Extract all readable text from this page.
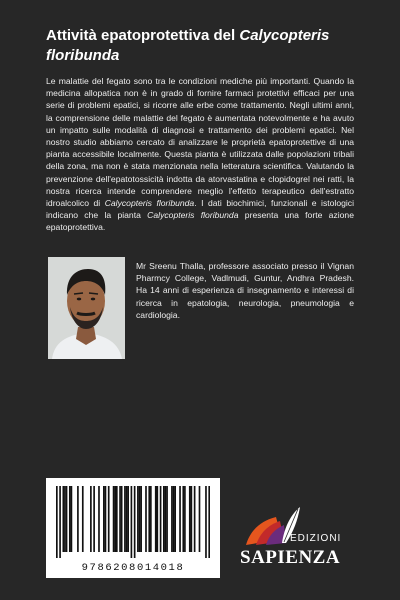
Attività epatoprotettiva del Calycopteris floribunda

Le malattie del fegato sono tra le condizioni mediche più importanti. Quando la medicina allopatica non è in grado di fornire farmaci protettivi efficaci per una serie di problemi epatici, si ricorre alle erbe come trattamento. Negli ultimi anni, la comprensione delle malattie del fegato è aumentata notevolmente e ha avuto un impatto sulle modalità di diagnosi e trattamento dei problemi epatici. Nel nostro studio abbiamo cercato di analizzare le proprietà epatoprotettive di una pianta accessibile localmente. Questa pianta è utilizzata dalle popolazioni tribali della zona, ma non è stata menzionata nella letteratura scientifica. Valutando la prevenzione dell'epatotossicità indotta da atorvastatina e clopidogrel nei ratti, la nostra ricerca intende comprendere meglio l'effetto terapeutico dell'estratto idroalcolico di Calycopteris floribunda. I dati biochimici, funzionali e istologici indicano che la pianta Calycopteris floribunda presenta una forte azione epatoprotettiva.

Mr Sreenu Thalla, professore associato presso il Vignan Pharmcy College, Vadlmudi, Guntur, Andhra Pradesh. Ha 14 anni di esperienza di insegnamento e interessi di ricerca in epatologia, neurologia, pneumologia e cardiologia.

9786208014018
EDIZIONI
SAPIENZA
